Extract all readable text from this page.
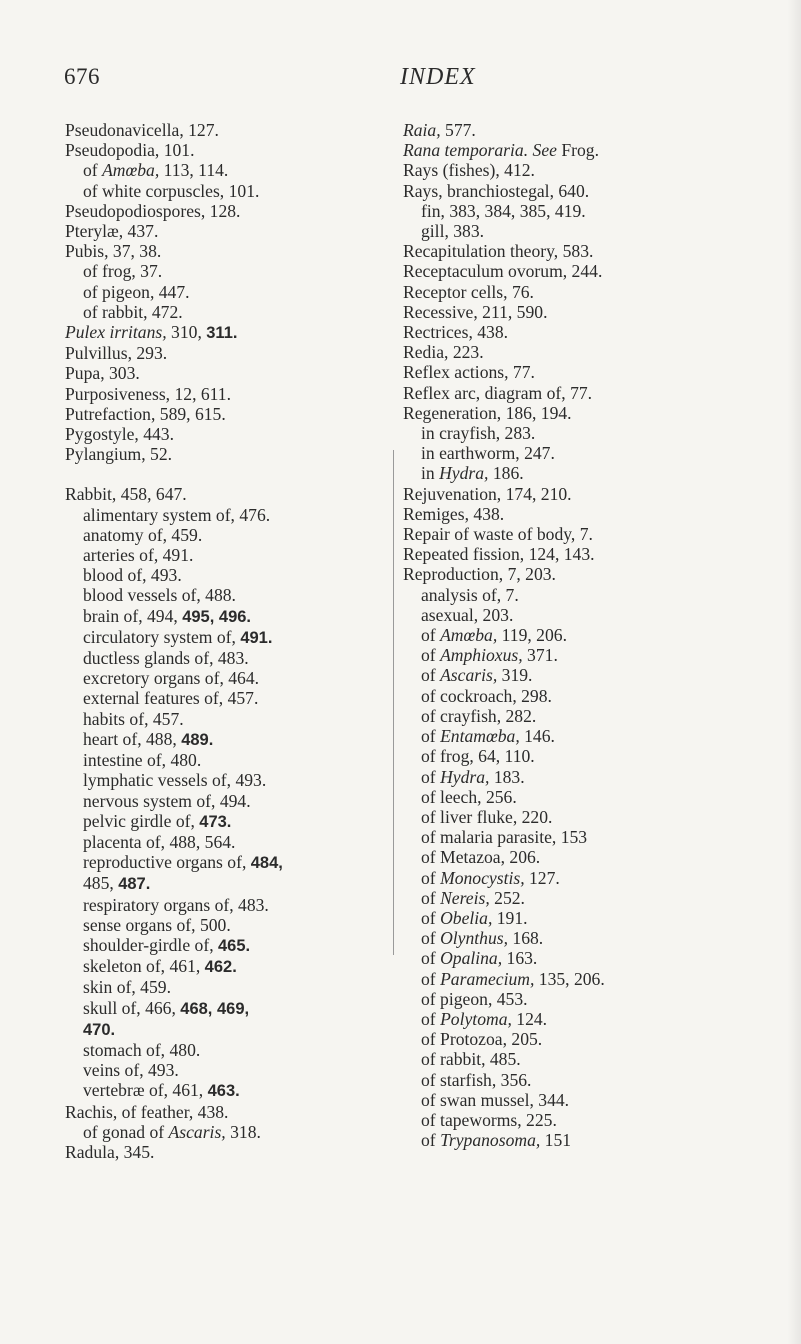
676	INDEX
Pseudonavicella, 127.
Pseudopodia, 101.
of Amœba, 113, 114.
of white corpuscles, 101.
Pseudopodiospores, 128.
Pterylæ, 437.
Pubis, 37, 38.
of frog, 37.
of pigeon, 447.
of rabbit, 472.
Pulex irritans, 310, 311.
Pulvillus, 293.
Pupa, 303.
Purposiveness, 12, 611.
Putrefaction, 589, 615.
Pygostyle, 443.
Pylangium, 52.
Rabbit, 458, 647.
alimentary system of, 476.
anatomy of, 459.
arteries of, 491.
blood of, 493.
blood vessels of, 488.
brain of, 494, 495, 496.
circulatory system of, 491.
ductless glands of, 483.
excretory organs of, 464.
external features of, 457.
habits of, 457.
heart of, 488, 489.
intestine of, 480.
lymphatic vessels of, 493.
nervous system of, 494.
pelvic girdle of, 473.
placenta of, 488, 564.
reproductive organs of, 484,
485, 487.
respiratory organs of, 483.
sense organs of, 500.
shoulder-girdle of, 465.
skeleton of, 461, 462.
skin of, 459.
skull of, 466, 468, 469,
470.
stomach of, 480.
veins of, 493.
vertebræ of, 461, 463.
Rachis, of feather, 438.
of gonad of Ascaris, 318.
Radula, 345.
Raia, 577.
Rana temporaria. See Frog.
Rays (fishes), 412.
Rays, branchiostegal, 640.
fin, 383, 384, 385, 419.
gill, 383.
Recapitulation theory, 583.
Receptaculum ovorum, 244.
Receptor cells, 76.
Recessive, 211, 590.
Rectrices, 438.
Redia, 223.
Reflex actions, 77.
Reflex arc, diagram of, 77.
Regeneration, 186, 194.
in crayfish, 283.
in earthworm, 247.
in Hydra, 186.
Rejuvenation, 174, 210.
Remiges, 438.
Repair of waste of body, 7.
Repeated fission, 124, 143.
Reproduction, 7, 203.
analysis of, 7.
asexual, 203.
of Amœba, 119, 206.
of Amphioxus, 371.
of Ascaris, 319.
of cockroach, 298.
of crayfish, 282.
of Entamœba, 146.
of frog, 64, 110.
of Hydra, 183.
of leech, 256.
of liver fluke, 220.
of malaria parasite, 153
of Metazoa, 206.
of Monocystis, 127.
of Nereis, 252.
of Obelia, 191.
of Olynthus, 168.
of Opalina, 163.
of Paramecium, 135, 206.
of pigeon, 453.
of Polytoma, 124.
of Protozoa, 205.
of rabbit, 485.
of starfish, 356.
of swan mussel, 344.
of tapeworms, 225.
of Trypanosoma, 151
